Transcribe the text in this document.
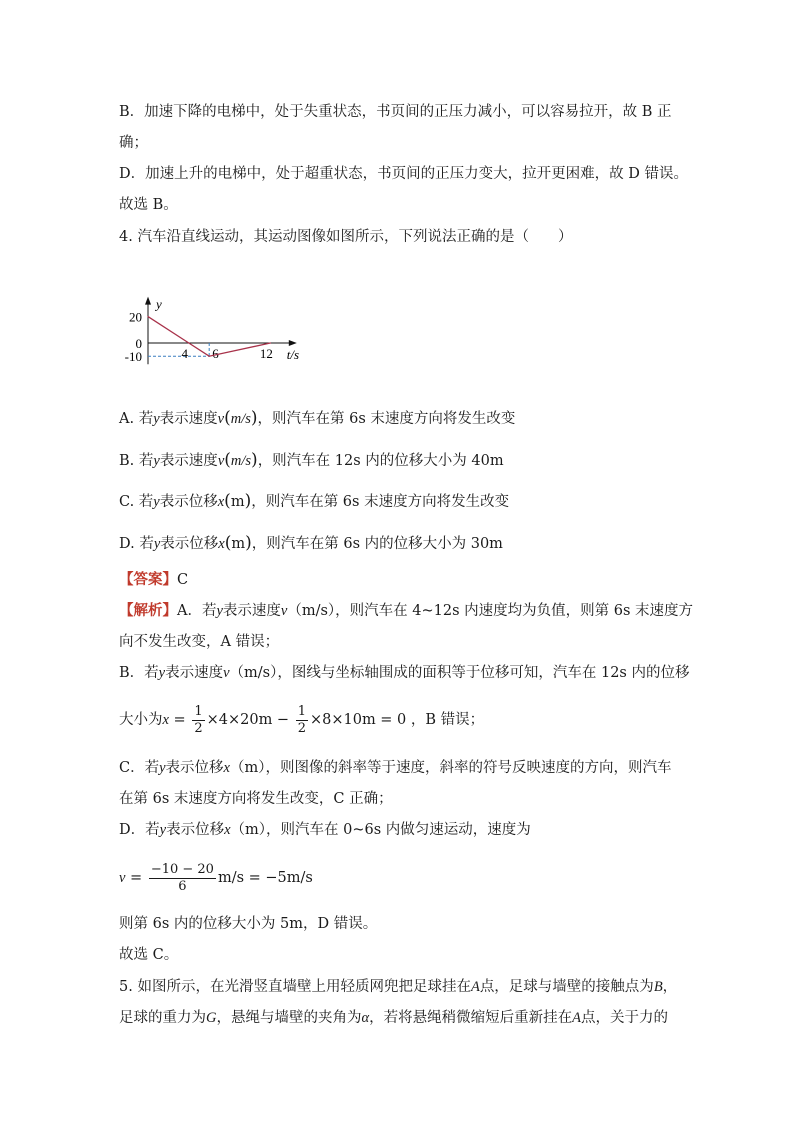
B．加速下降的电梯中，处于失重状态，书页间的正压力减小，可以容易拉开，故 B 正
确；
D．加速上升的电梯中，处于超重状态，书页间的正压力变大，拉开更困难，故 D 错误。
故选 B。
4. 汽车沿直线运动，其运动图像如图所示，下列说法正确的是（　　）
y
t/s
20
0
-10	4 6	12
A. 若y表示速度v(m/s)，则汽车在第 6s 末速度方向将发生改变
B. 若y表示速度v(m/s)，则汽车在 12s 内的位移大小为 40m
C. 若y表示位移x(m)，则汽车在第 6s 末速度方向将发生改变
D. 若y表示位移x(m)，则汽车在第 6s 内的位移大小为 30m
【答案】C
【解析】A．若y表示速度v（m/s），则汽车在 4~12s 内速度均为负值，则第 6s 末速度方
向不发生改变，A 错误；
B．若y表示速度v（m/s），图线与坐标轴围成的面积等于位移可知，汽车在 12s 内的位移
大小为$x = \frac{1}{2} \times 4\times 20m - \frac{1}{2} \times 8\times 10m = 0$ ，B 错误；
C．若y表示位移x（m），则图像的斜率等于速度，斜率的符号反映速度的方向，则汽车
在第 6s 末速度方向将发生改变，C 正确；
D．若y表示位移x（m），则汽车在 0~6s 内做匀速运动，速度为
$v = \frac{-10 - 20}{6} m/s = -5m/s$
则第 6s 内的位移大小为 5m，D 错误。
故选 C。
5. 如图所示，在光滑竖直墙壁上用轻质网兜把足球挂在A点，足球与墙壁的接触点为B，
足球的重力为G，悬绳与墙壁的夹角为α，若将悬绳稍微缩短后重新挂在A点，关于力的
